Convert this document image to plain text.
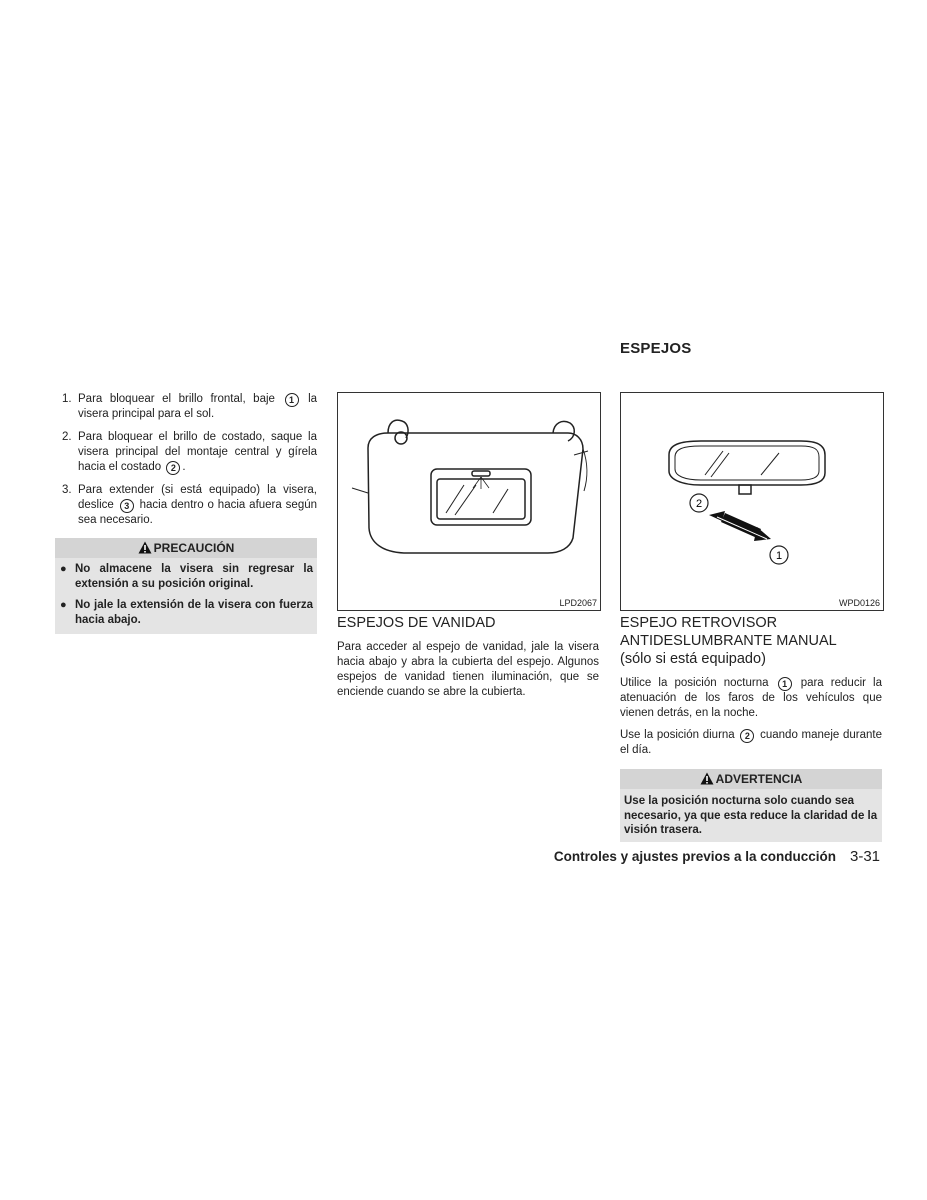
ESPEJOS
1. Para bloquear el brillo frontal, baje 1 la visera principal para el sol.
2. Para bloquear el brillo de costado, saque la visera principal del montaje central y gírela hacia el costado 2 .
3. Para extender (si está equipado) la visera, deslice 3 hacia dentro o hacia afuera según sea necesario.
PRECAUCIÓN
● No almacene la visera sin regresar la extensión a su posición original.
● No jale la extensión de la visera con fuerza hacia abajo.
LPD2067
2
1
WPD0126
ESPEJOS DE VANIDAD
Para acceder al espejo de vanidad, jale la visera hacia abajo y abra la cubierta del espejo. Algunos espejos de vanidad tienen iluminación, que se enciende cuando se abre la cubierta.
ESPEJO RETROVISOR
ANTIDESLUMBRANTE MANUAL
(sólo si está equipado)

Utilice la posición nocturna 1 para reducir la atenuación de los faros de los vehículos que vienen detrás, en la noche.

Use la posición diurna 2 cuando maneje durante el día.

ADVERTENCIA
Use la posición nocturna solo cuando sea necesario, ya que esta reduce la claridad de la visión trasera.
Controles y ajustes previos a la conducción 3-31
